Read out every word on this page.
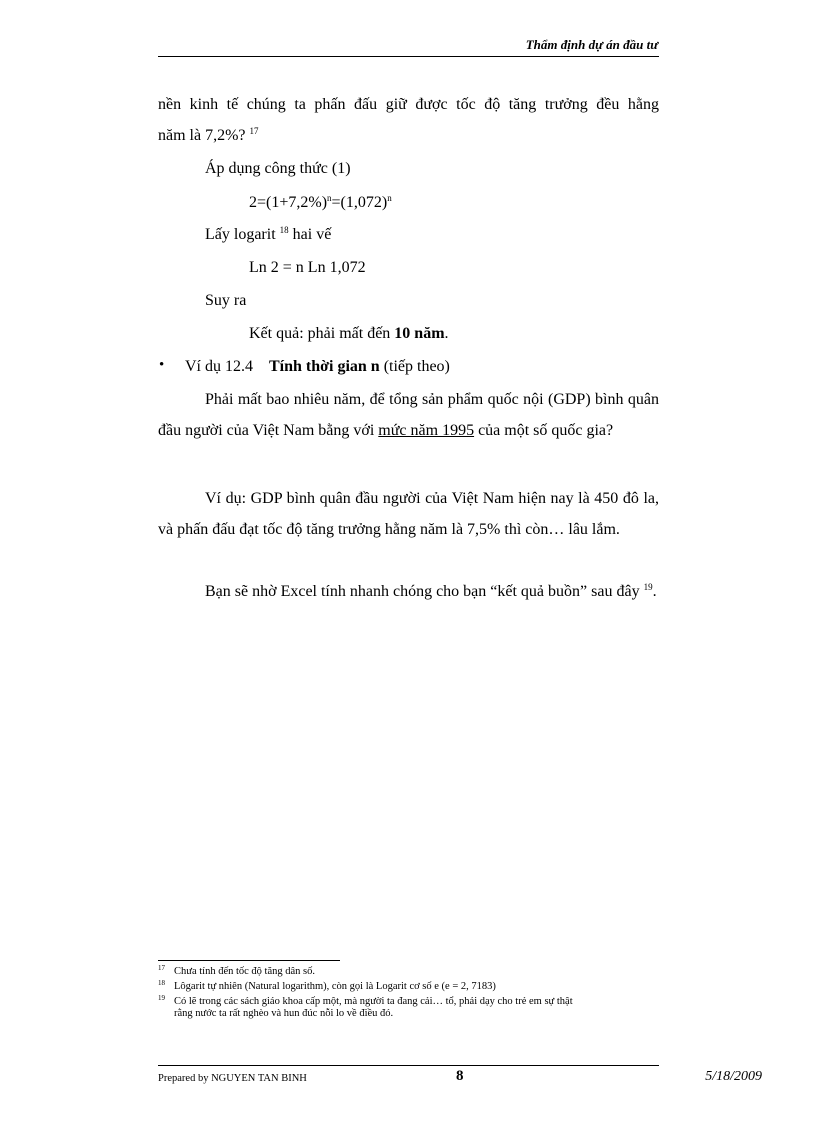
Thẩm định dự án đầu tư
nền kinh tế chúng ta phấn đấu giữ được tốc độ tăng trưởng đều hằng
năm là 7,2%? $^{17}$
Áp dụng công thức (1)
$2=(1+7,2\%)^n=(1,072)^n$
Lấy logarit $^{18}$ hai vế
Ln 2 = n Ln 1,072
Suy ra
Kết quả: phải mất đến 10 năm.
• Ví dụ 12.4 Tính thời gian n (tiếp theo)
Phải mất bao nhiêu năm, để tổng sản phẩm quốc nội (GDP) bình quân đầu người của Việt Nam bằng với mức năm 1995 của một số quốc gia?
Ví dụ: GDP bình quân đầu người của Việt Nam hiện nay là 450 đô la, và phấn đấu đạt tốc độ tăng trưởng hằng năm là 7,5% thì còn… lâu lắm.
Bạn sẽ nhờ Excel tính nhanh chóng cho bạn “kết quả buồn” sau đây $^{19}$.
$^{17}$ Chưa tính đến tốc độ tăng dân số.
$^{18}$ Lôgarit tự nhiên (Natural logarithm), còn gọi là Logarit cơ số e (e = 2, 7183)
$^{19}$ Có lẽ trong các sách giáo khoa cấp một, mà người ta đang cải… tổ, phải dạy cho trẻ em sự thật
rằng nước ta rất nghèo và hun đúc nỗi lo về điều đó.
Prepared by NGUYEN TAN BINH	8	5/18/2009
